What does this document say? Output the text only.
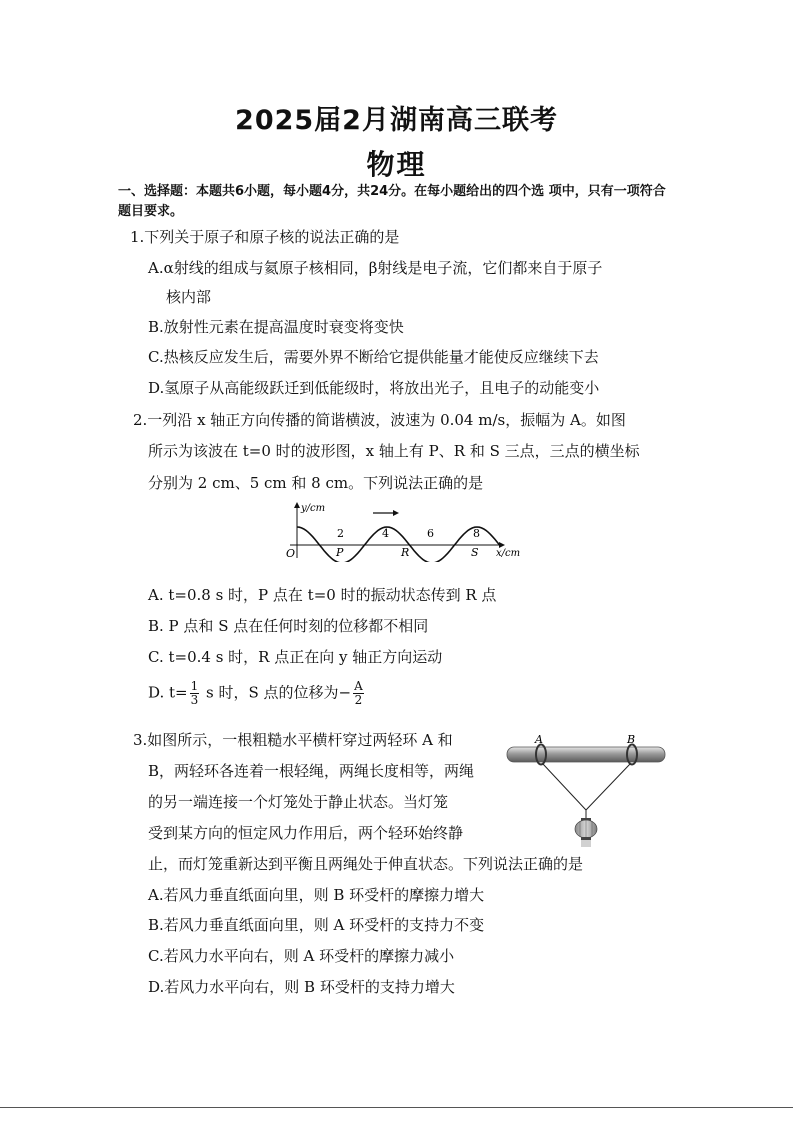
2025届2月湖南高三联考
物理
一、选择题：本题共6小题，每小题4分，共24分。在每小题给出的四个选 项中，只有一项符合题目要求。
1.下列关于原子和原子核的说法正确的是
A.α射线的组成与氦原子核相同，β射线是电子流，它们都来自于原子
核内部
B.放射性元素在提高温度时衰变将变快
C.热核反应发生后，需要外界不断给它提供能量才能使反应继续下去
D.氢原子从高能级跃迁到低能级时，将放出光子，且电子的动能变小
2.一列沿 x 轴正方向传播的简谐横波，波速为 0.04 m/s，振幅为 A。如图
所示为该波在 t=0 时的波形图，x 轴上有 P、R 和 S 三点，三点的横坐标
分别为 2 cm、5 cm 和 8 cm。下列说法正确的是
y/cm
x/cm
O
2	4	6	8
P	R	S
A. t=0.8 s 时，P 点在 t=0 时的振动状态传到 R 点
B. P 点和 S 点在任何时刻的位移都不相同
C. t=0.4 s 时，R 点正在向 y 轴正方向运动
D. $t= \frac{1}{3}$ s 时，S 点的位移为− $\frac{A}{2}$
3.如图所示，一根粗糙水平横杆穿过两轻环 A 和
B，两轻环各连着一根轻绳，两绳长度相等，两绳
的另一端连接一个灯笼处于静止状态。当灯笼
受到某方向的恒定风力作用后，两个轻环始终静
止，而灯笼重新达到平衡且两绳处于伸直状态。下列说法正确的是
A	B
A.若风力垂直纸面向里，则 B 环受杆的摩擦力增大
B.若风力垂直纸面向里，则 A 环受杆的支持力不变
C.若风力水平向右，则 A 环受杆的摩擦力减小
D.若风力水平向右，则 B 环受杆的支持力增大
